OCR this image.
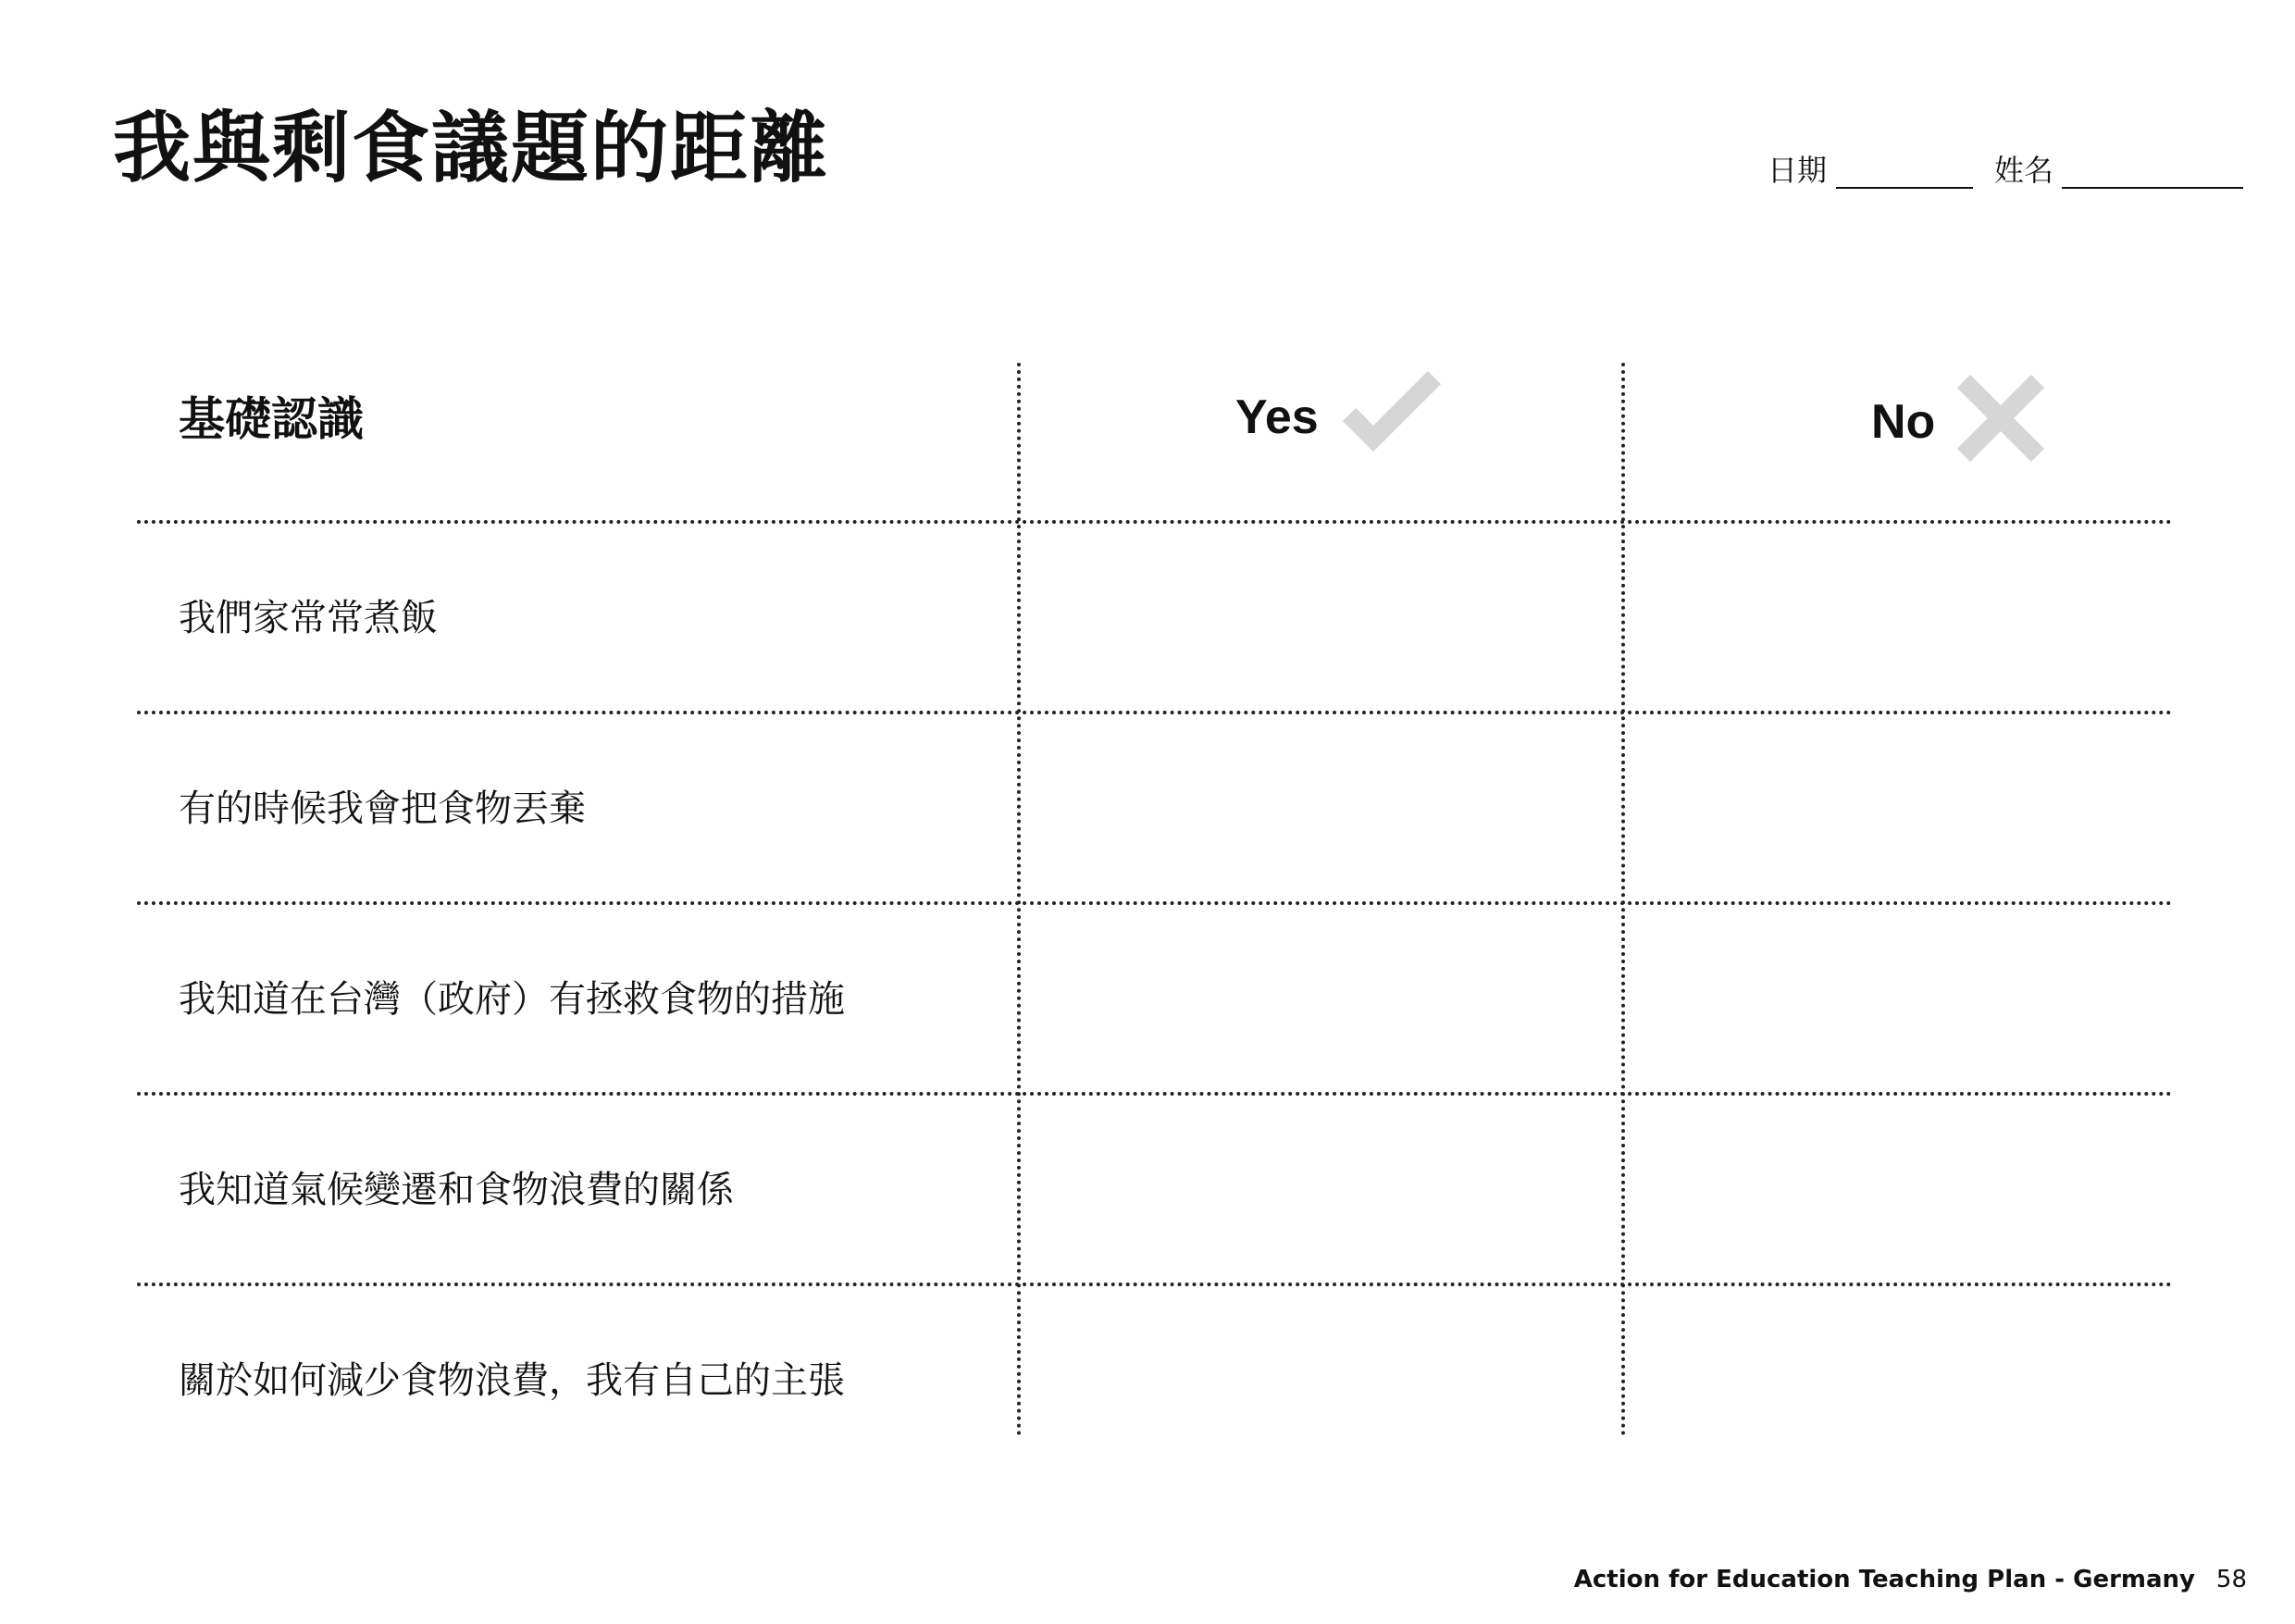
我與剩食議題的距離	日期	姓名
基礎認識	Yes	No
我們家常常煮飯
有的時候我會把食物丟棄
我知道在台灣（政府）有拯救食物的措施
我知道氣候變遷和食物浪費的關係
關於如何減少食物浪費，我有自己的主張
Action for Education Teaching Plan - Germany 58
